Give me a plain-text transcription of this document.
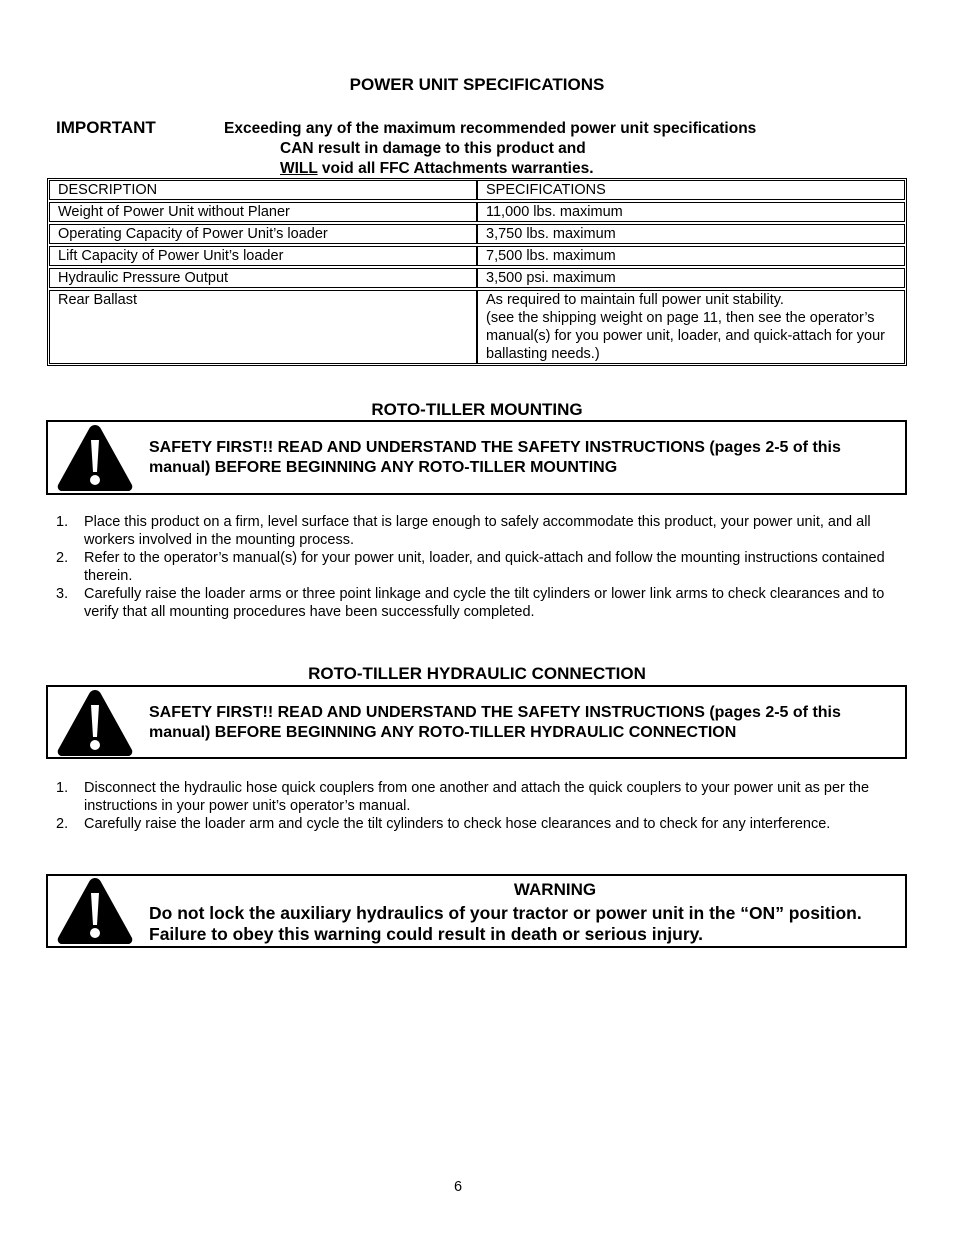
POWER UNIT SPECIFICATIONS
IMPORTANT	Exceeding any of the maximum recommended power unit specifications
CAN result in damage to this product and
WILL void all FFC Attachments warranties.
DESCRIPTION	SPECIFICATIONS
Weight of Power Unit without Planer	11,000 lbs. maximum
Operating Capacity of Power Unit’s loader	3,750 lbs. maximum
Lift Capacity of Power Unit’s loader	7,500 lbs. maximum
Hydraulic Pressure Output	3,500 psi. maximum
Rear Ballast	As required to maintain full power unit stability.
(see the shipping weight on page 11, then see the operator’s manual(s) for you power unit, loader, and quick-attach for your ballasting needs.)
ROTO-TILLER MOUNTING
SAFETY FIRST!! READ AND UNDERSTAND THE SAFETY INSTRUCTIONS (pages 2-5 of this manual) BEFORE BEGINNING ANY ROTO-TILLER MOUNTING
1. Place this product on a firm, level surface that is large enough to safely accommodate this product, your power unit, and all workers involved in the mounting process.
2. Refer to the operator’s manual(s) for your power unit, loader, and quick-attach and follow the mounting instructions contained therein.
3. Carefully raise the loader arms or three point linkage and cycle the tilt cylinders or lower link arms to check clearances and to verify that all mounting procedures have been successfully completed.
ROTO-TILLER HYDRAULIC CONNECTION
SAFETY FIRST!! READ AND UNDERSTAND THE SAFETY INSTRUCTIONS (pages 2-5 of this manual) BEFORE BEGINNING ANY ROTO-TILLER HYDRAULIC CONNECTION
1. Disconnect the hydraulic hose quick couplers from one another and attach the quick couplers to your power unit as per the instructions in your power unit’s operator’s manual.
2. Carefully raise the loader arm and cycle the tilt cylinders to check hose clearances and to check for any interference.
WARNING
Do not lock the auxiliary hydraulics of your tractor or power unit in the “ON” position. Failure to obey this warning could result in death or serious injury.
6
